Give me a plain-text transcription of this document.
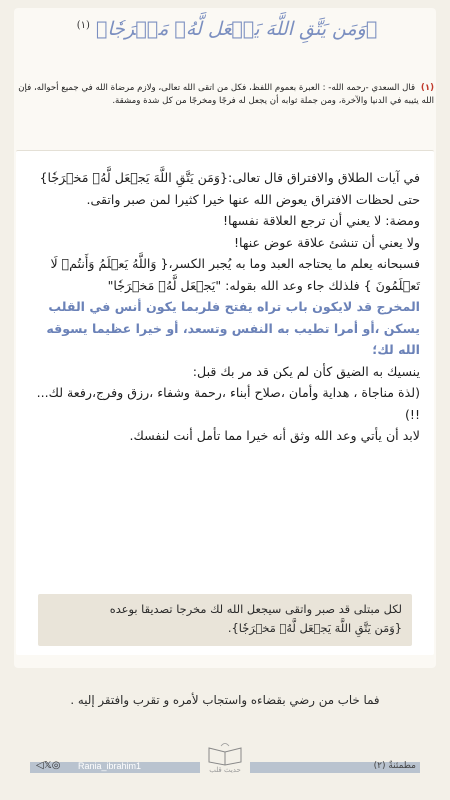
﴿وَمَن يَتَّقِ اللَّهَ يَجۡعَل لَّهُۥ مَخۡرَجٗا﴾ $^{(١)}$
(١) قال السعدي -رحمه الله- : العبرة بعموم اللفظ، فكل من اتقى الله تعالى، ولازم مرضاة الله في جميع أحواله، فإن الله يثيبه في الدنيا والآخرة، ومن جملة ثوابه أن يجعل له فرجًا ومخرجًا من كل شدة ومشقة.

في آيات الطلاق والافتراق قال تعالى:{وَمَن يَتَّقِ اللَّهَ يَجۡعَل لَّهُۥ مَخۡرَجٗا} حتى لحظات الافتراق يعوض الله عنها خيرا كثيرا لمن صبر واتقى.

ومضة: لا يعني أن ترجع العلاقة نفسها!

ولا يعني أن تنشئ علاقة عوض عنها!

فسبحانه يعلم ما يحتاجه العبد وما به يُجبر الكسر،{ وَاللَّهُ يَعۡلَمُ وَأَنتُمۡ لَا تَعۡلَمُونَ } فلذلك جاء وعد الله بقوله: "يَجۡعَل لَّهُۥ مَخۡرَجٗا"

المخرج قد لايكون باب تراه يفتح فلربما يكون أنس في القلب يسكن ،أو أمرا تطيب به النفس وتسعد، أو خيرا عظيما يسوقه الله لك؛

ينسيك به الضيق كأن لم يكن قد مر بك قبل:

(لذة مناجاة ، هداية وأمان ،صلاح أبناء ،رحمة وشفاء ،رزق وفرج،رفعة لك... !!)

لابد أن يأتي وعد الله وثق أنه خيرا مما تأمل أنت لنفسك.

لكل مبتلى قد صبر واتقى سيجعل الله لك مخرجا تصديقا بوعده
{وَمَن يَتَّقِ اللَّهَ يَجۡعَل لَّهُۥ مَخۡرَجٗا}.
فما خاب من رضي بقضاءه واستجاب لأمره و تقرب وافتقر إليه .
◁𝕏◎ Rania_ibrahim1	حديث قلب	مطمئنةٌ (٢)
